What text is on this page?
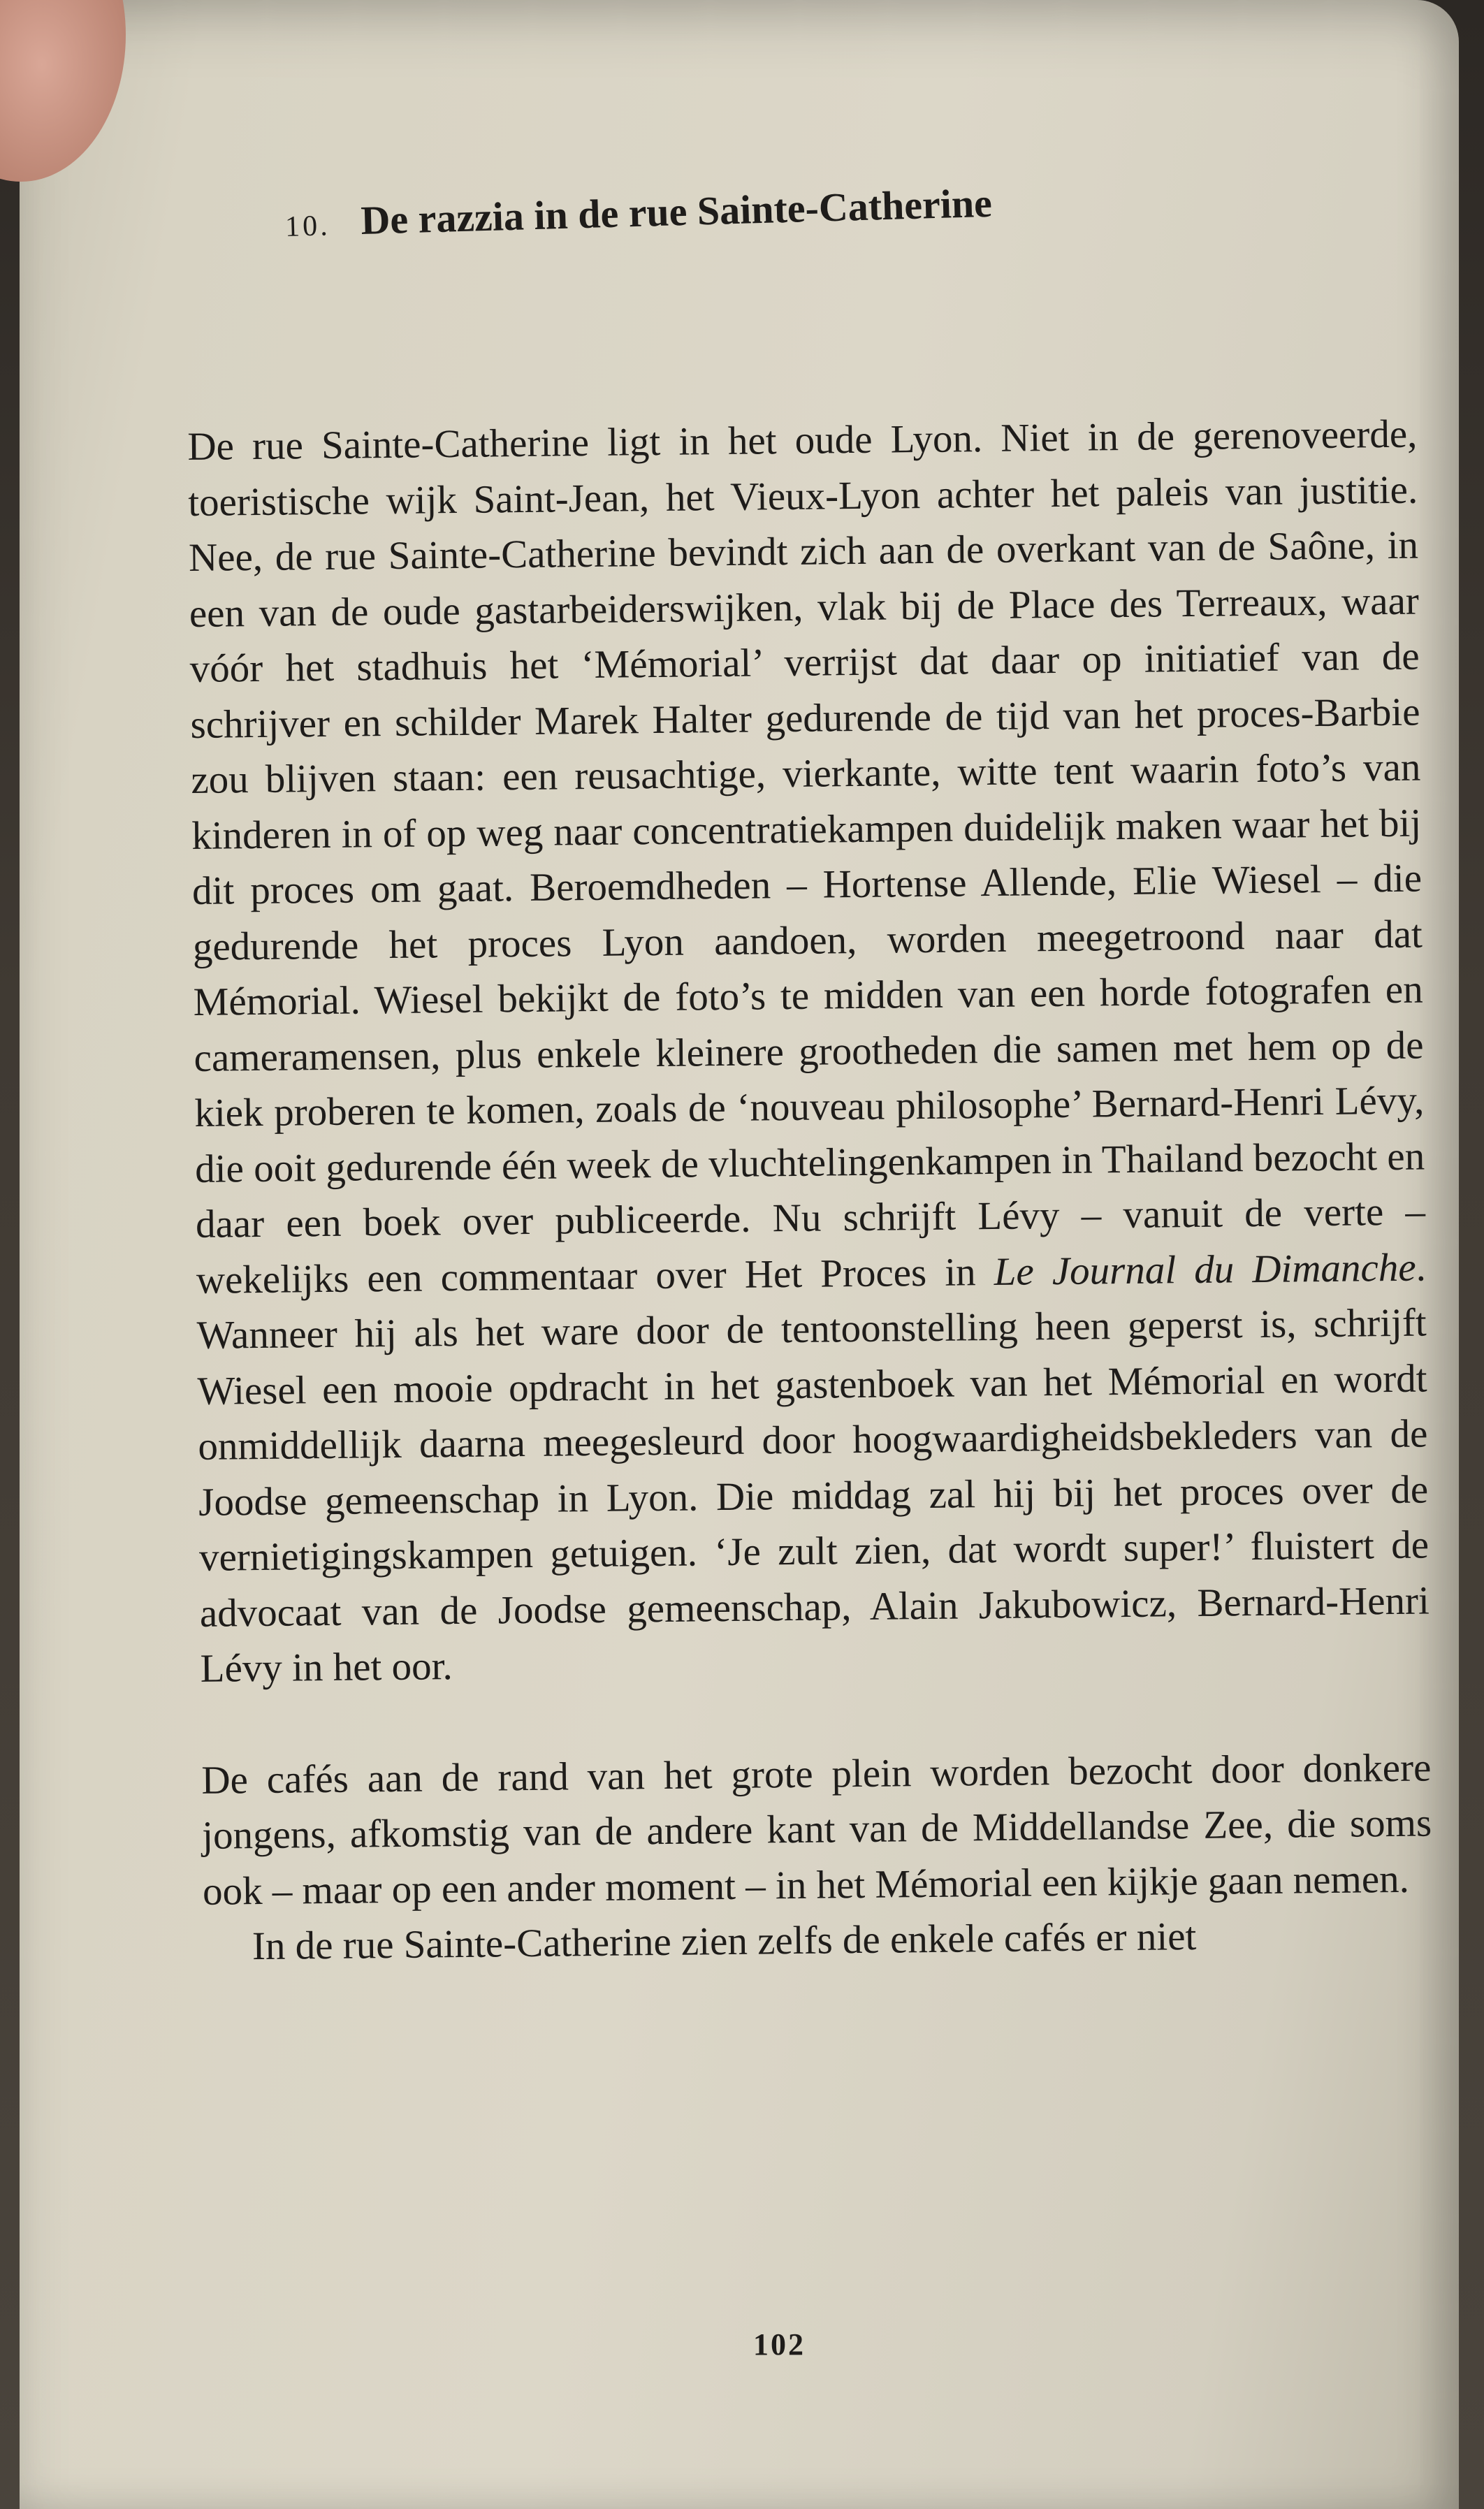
10. De razzia in de rue Sainte-Catherine

De rue Sainte-Catherine ligt in het oude Lyon. Niet in de gerenoveerde, toeristische wijk Saint-Jean, het Vieux-Lyon achter het paleis van justitie. Nee, de rue Sainte-Catherine bevindt zich aan de overkant van de Saône, in een van de oude gastarbeiderswijken, vlak bij de Place des Terreaux, waar vóór het stadhuis het ‘Mémorial’ verrijst dat daar op initiatief van de schrijver en schilder Marek Halter gedurende de tijd van het proces-Barbie zou blijven staan: een reusachtige, vierkante, witte tent waarin foto’s van kinderen in of op weg naar concentratiekampen duidelijk maken waar het bij dit proces om gaat. Beroemdheden – Hortense Allende, Elie Wiesel – die gedurende het proces Lyon aandoen, worden meegetroond naar dat Mémorial. Wiesel bekijkt de foto’s te midden van een horde fotografen en cameramensen, plus enkele kleinere grootheden die samen met hem op de kiek proberen te komen, zoals de ‘nouveau philosophe’ Bernard-Henri Lévy, die ooit gedurende één week de vluchtelingenkampen in Thailand bezocht en daar een boek over publiceerde. Nu schrijft Lévy – vanuit de verte – wekelijks een commentaar over Het Proces in Le Journal du Dimanche. Wanneer hij als het ware door de tentoonstelling heen geperst is, schrijft Wiesel een mooie opdracht in het gastenboek van het Mémorial en wordt onmiddellijk daarna meegesleurd door hoogwaardigheidsbekleders van de Joodse gemeenschap in Lyon. Die middag zal hij bij het proces over de vernietigingskampen getuigen. ‘Je zult zien, dat wordt super!’ fluistert de advocaat van de Joodse gemeenschap, Alain Jakubowicz, Bernard-Henri Lévy in het oor.

De cafés aan de rand van het grote plein worden bezocht door donkere jongens, afkomstig van de andere kant van de Middellandse Zee, die soms ook – maar op een ander moment – in het Mémorial een kijkje gaan nemen.

In de rue Sainte-Catherine zien zelfs de enkele cafés er niet

102
